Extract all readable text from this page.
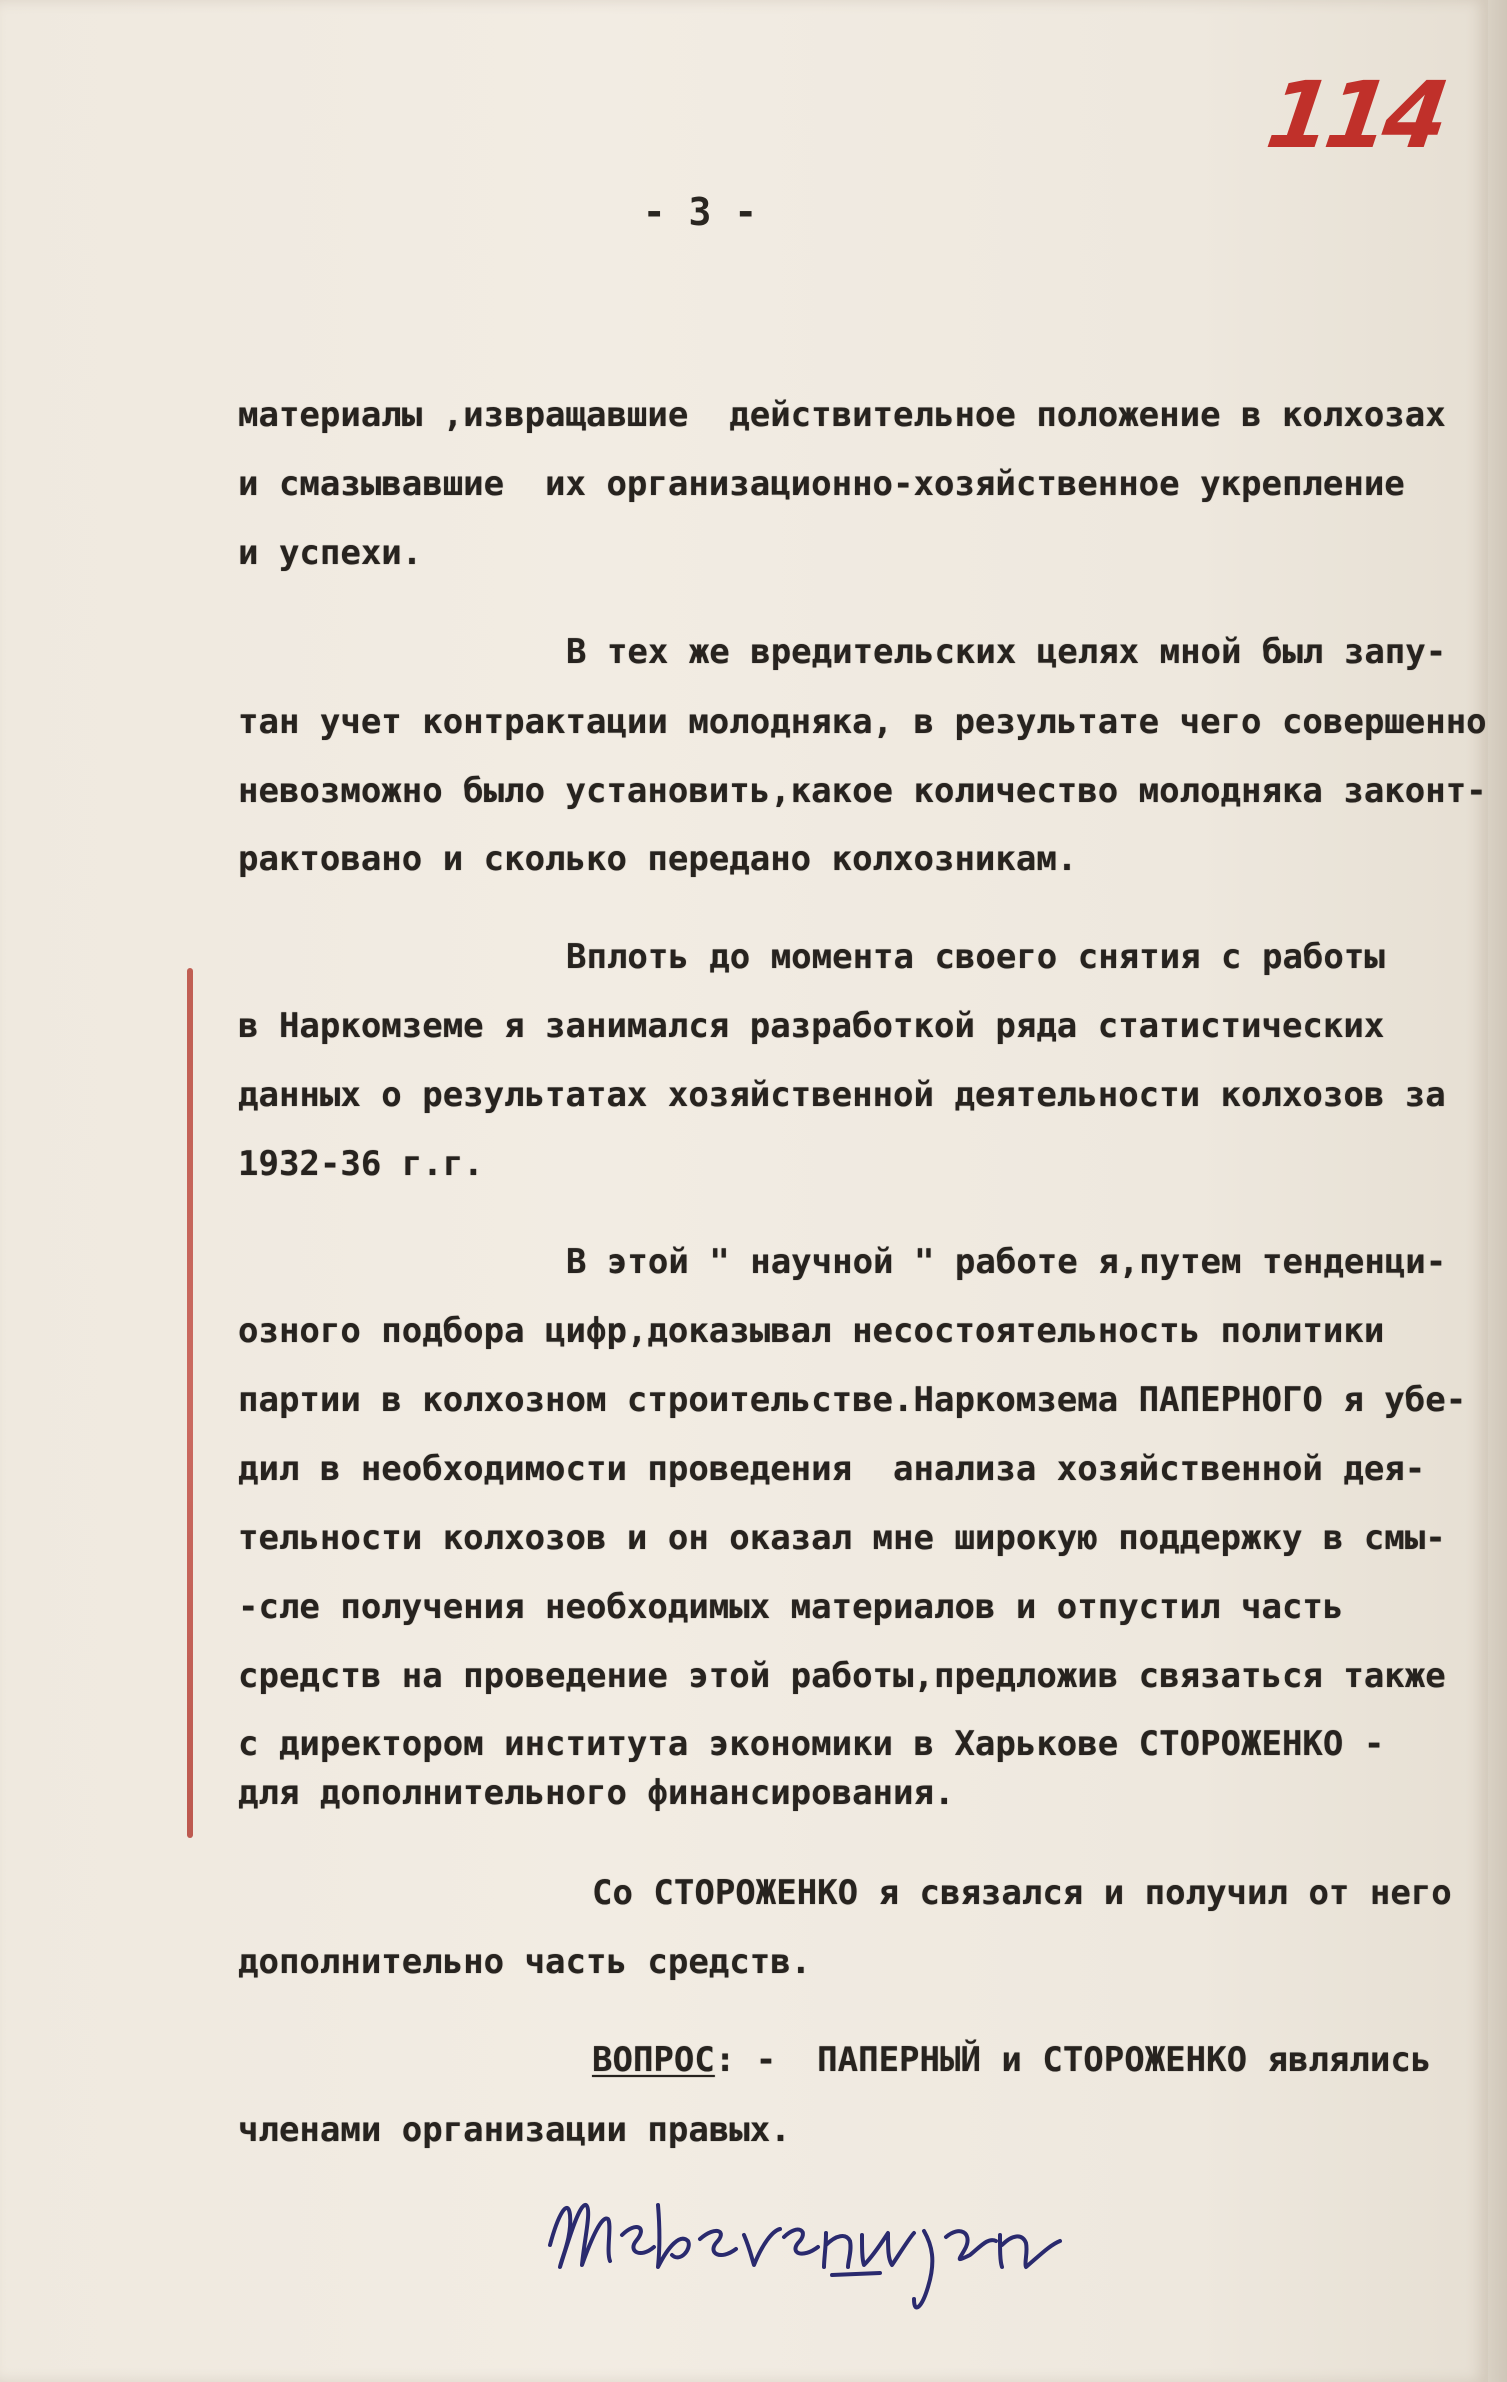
114
- 3 -
материалы ,извращавшие  действительное положение в колхозах
и смазывавшие  их организационно-хозяйственное укрепление
и успехи.
В тех же вредительских целях мной был запу-
тан учет контрактации молодняка, в результате чего совершенно
невозможно было установить,какое количество молодняка законт-
рактовано и сколько передано колхозникам.
Вплоть до момента своего снятия с работы
в Наркомземе я занимался разработкой ряда статистических
данных о результатах хозяйственной деятельности колхозов за
1932-36 г.г.
В этой " научной " работе я,путем тенденци-
озного подбора цифр,доказывал несостоятельность политики
партии в колхозном строительстве.Наркомзема ПАПЕРНОГО я убе-
дил в необходимости проведения  анализа хозяйственной дея-
тельности колхозов и он оказал мне широкую поддержку в смы-
-сле получения необходимых материалов и отпустил часть
средств на проведение этой работы,предложив связаться также
с директором института экономики в Харькове СТОРОЖЕНКО -
для дополнительного финансирования.
Со СТОРОЖЕНКО я связался и получил от него
дополнительно часть средств.
ВОПРОС: -  ПАПЕРНЫЙ и СТОРОЖЕНКО являлись
членами организации правых.
